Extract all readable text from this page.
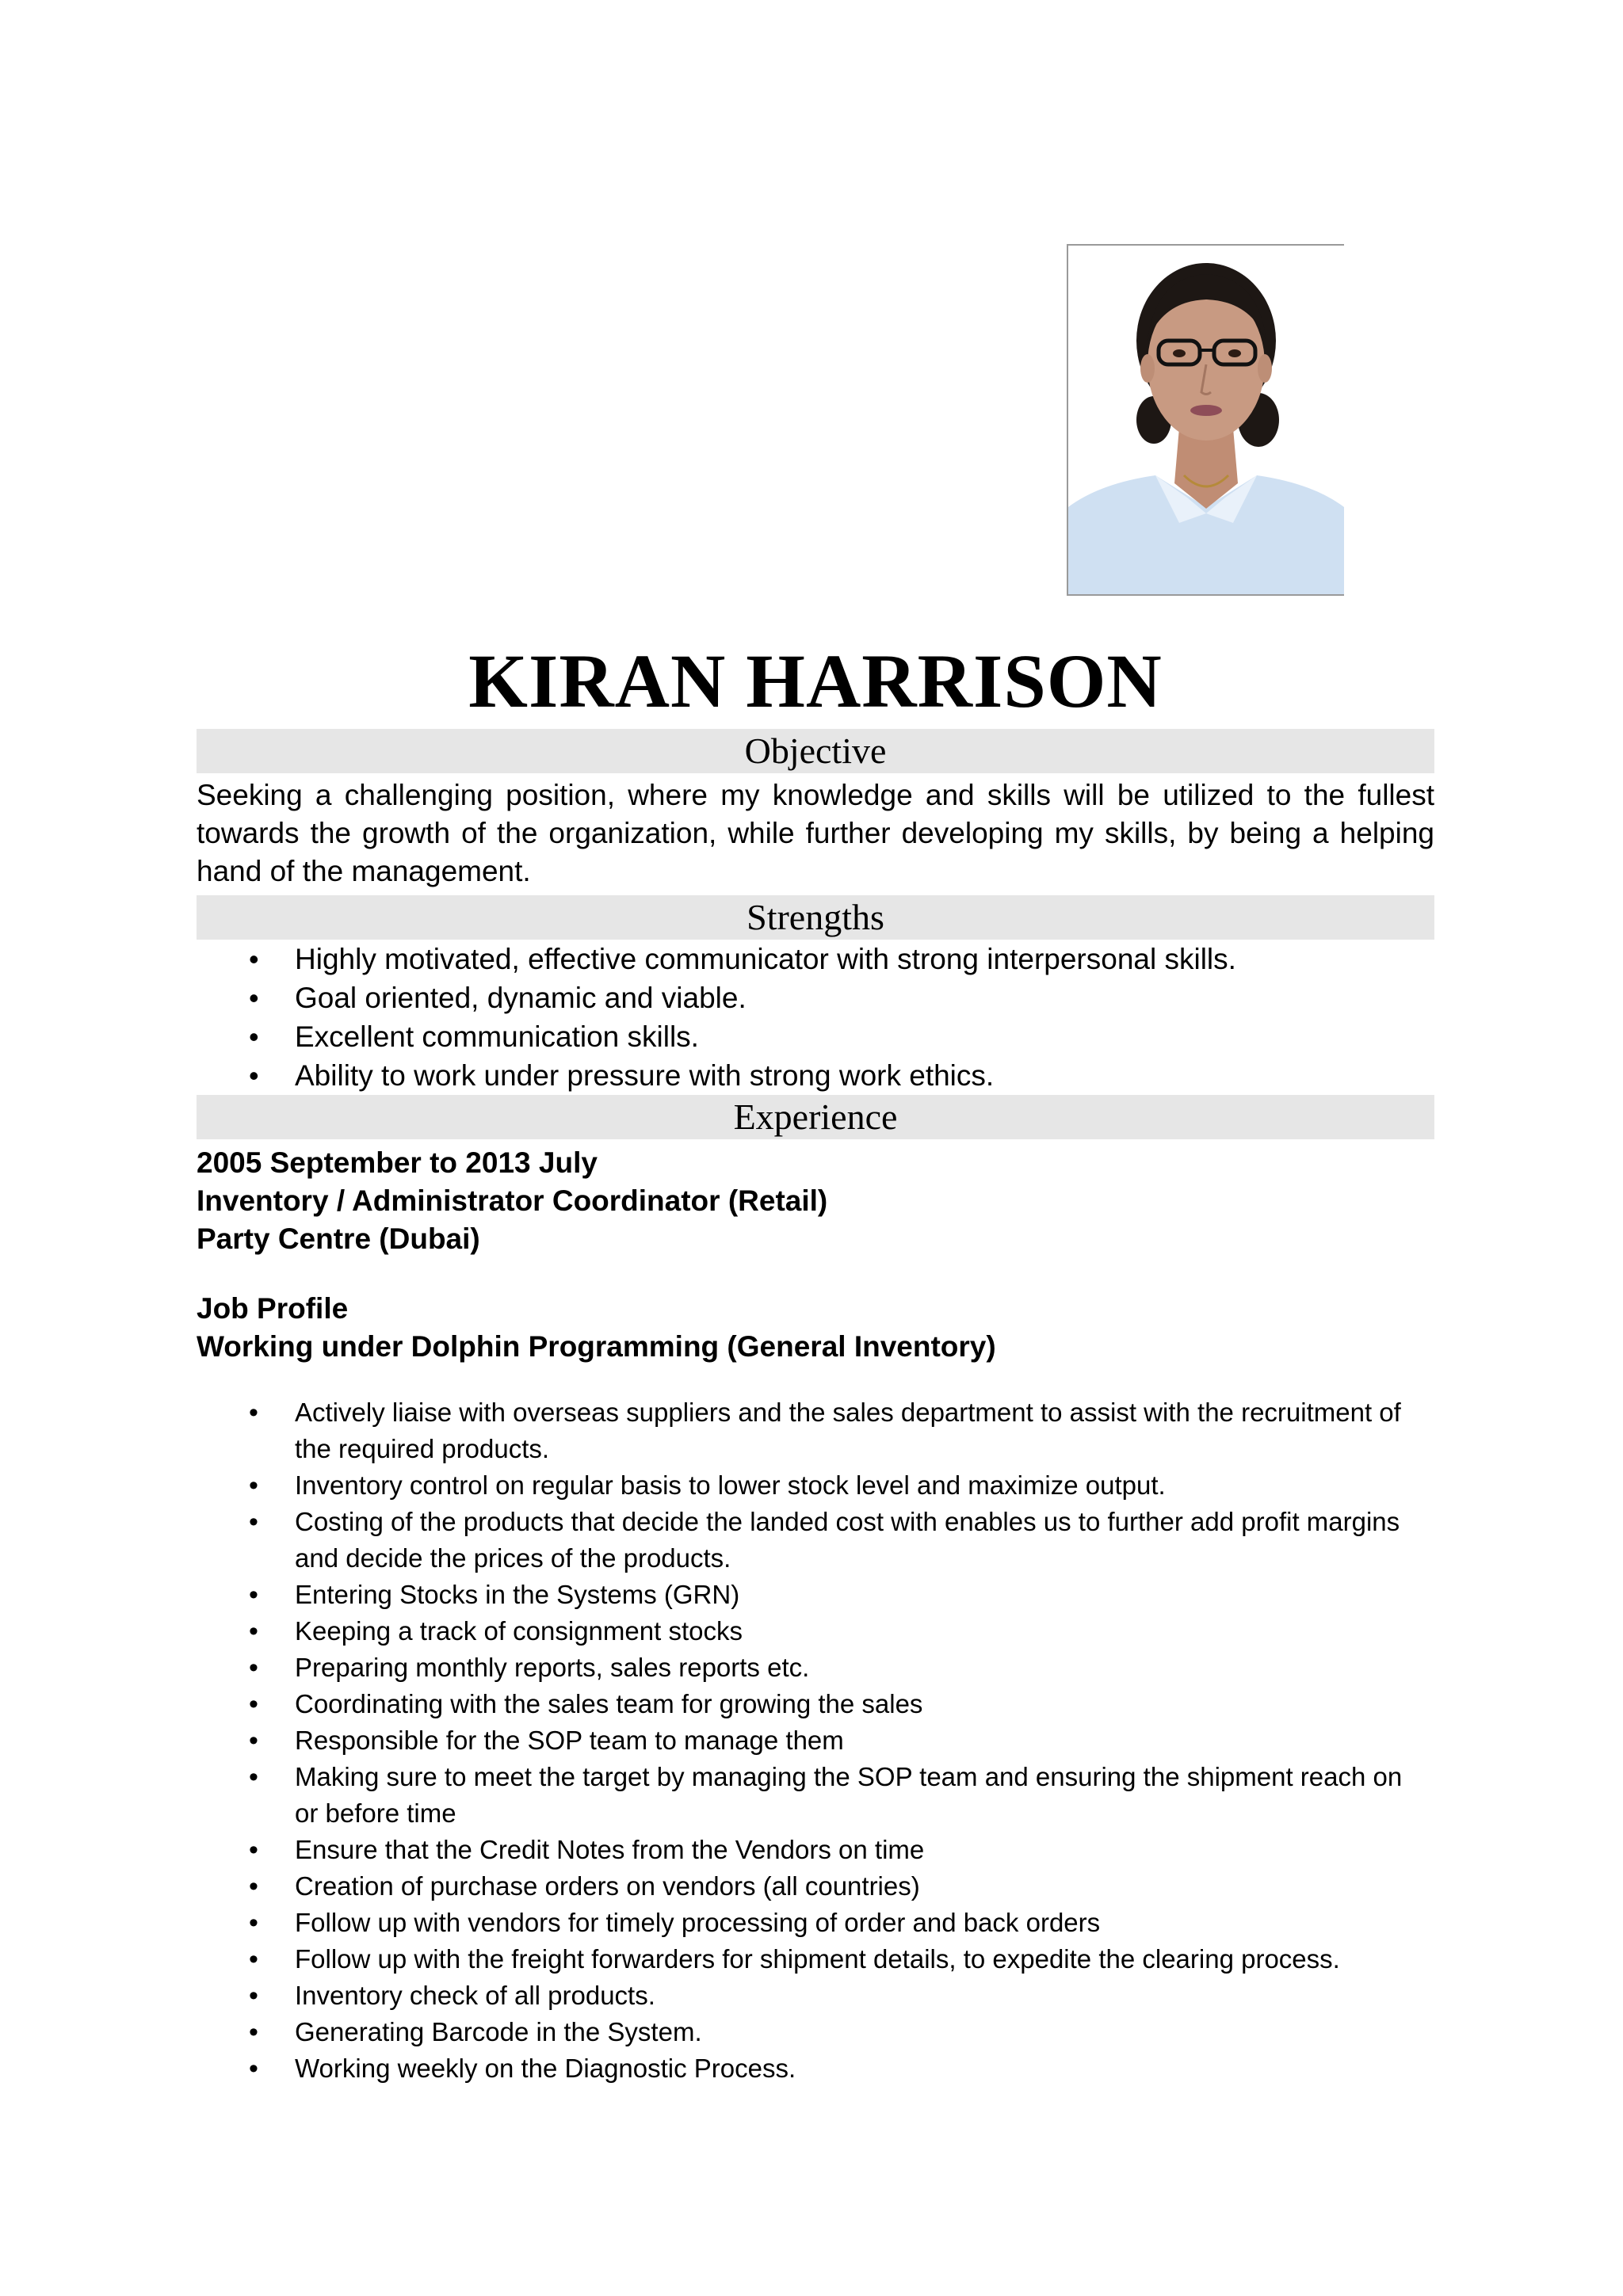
KIRAN HARRISON
Objective

Seeking a challenging position, where my knowledge and skills will be utilized to the fullest towards the growth of the organization, while further developing my skills, by being a helping hand of the management.

Strengths
• Highly motivated, effective communicator with strong interpersonal skills.
• Goal oriented, dynamic and viable.
• Excellent communication skills.
• Ability to work under pressure with strong work ethics.
Experience

2005 September to 2013 July

Inventory / Administrator Coordinator (Retail)

Party Centre (Dubai)

Job Profile

Working under Dolphin Programming (General Inventory)

• Actively liaise with overseas suppliers and the sales department to assist with the recruitment of the required products.
• Inventory control on regular basis to lower stock level and maximize output.
• Costing of the products that decide the landed cost with enables us to further add profit margins and decide the prices of the products.
• Entering Stocks in the Systems (GRN)
• Keeping a track of consignment stocks
• Preparing monthly reports, sales reports etc.
• Coordinating with the sales team for growing the sales
• Responsible for the SOP team to manage them
• Making sure to meet the target by managing the SOP team and ensuring the shipment reach on or before time
• Ensure that the Credit Notes from the Vendors on time
• Creation of purchase orders on vendors (all countries)
• Follow up with vendors for timely processing of order and back orders
• Follow up with the freight forwarders for shipment details, to expedite the clearing process.
• Inventory check of all products.
• Generating Barcode in the System.
• Working weekly on the Diagnostic Process.
